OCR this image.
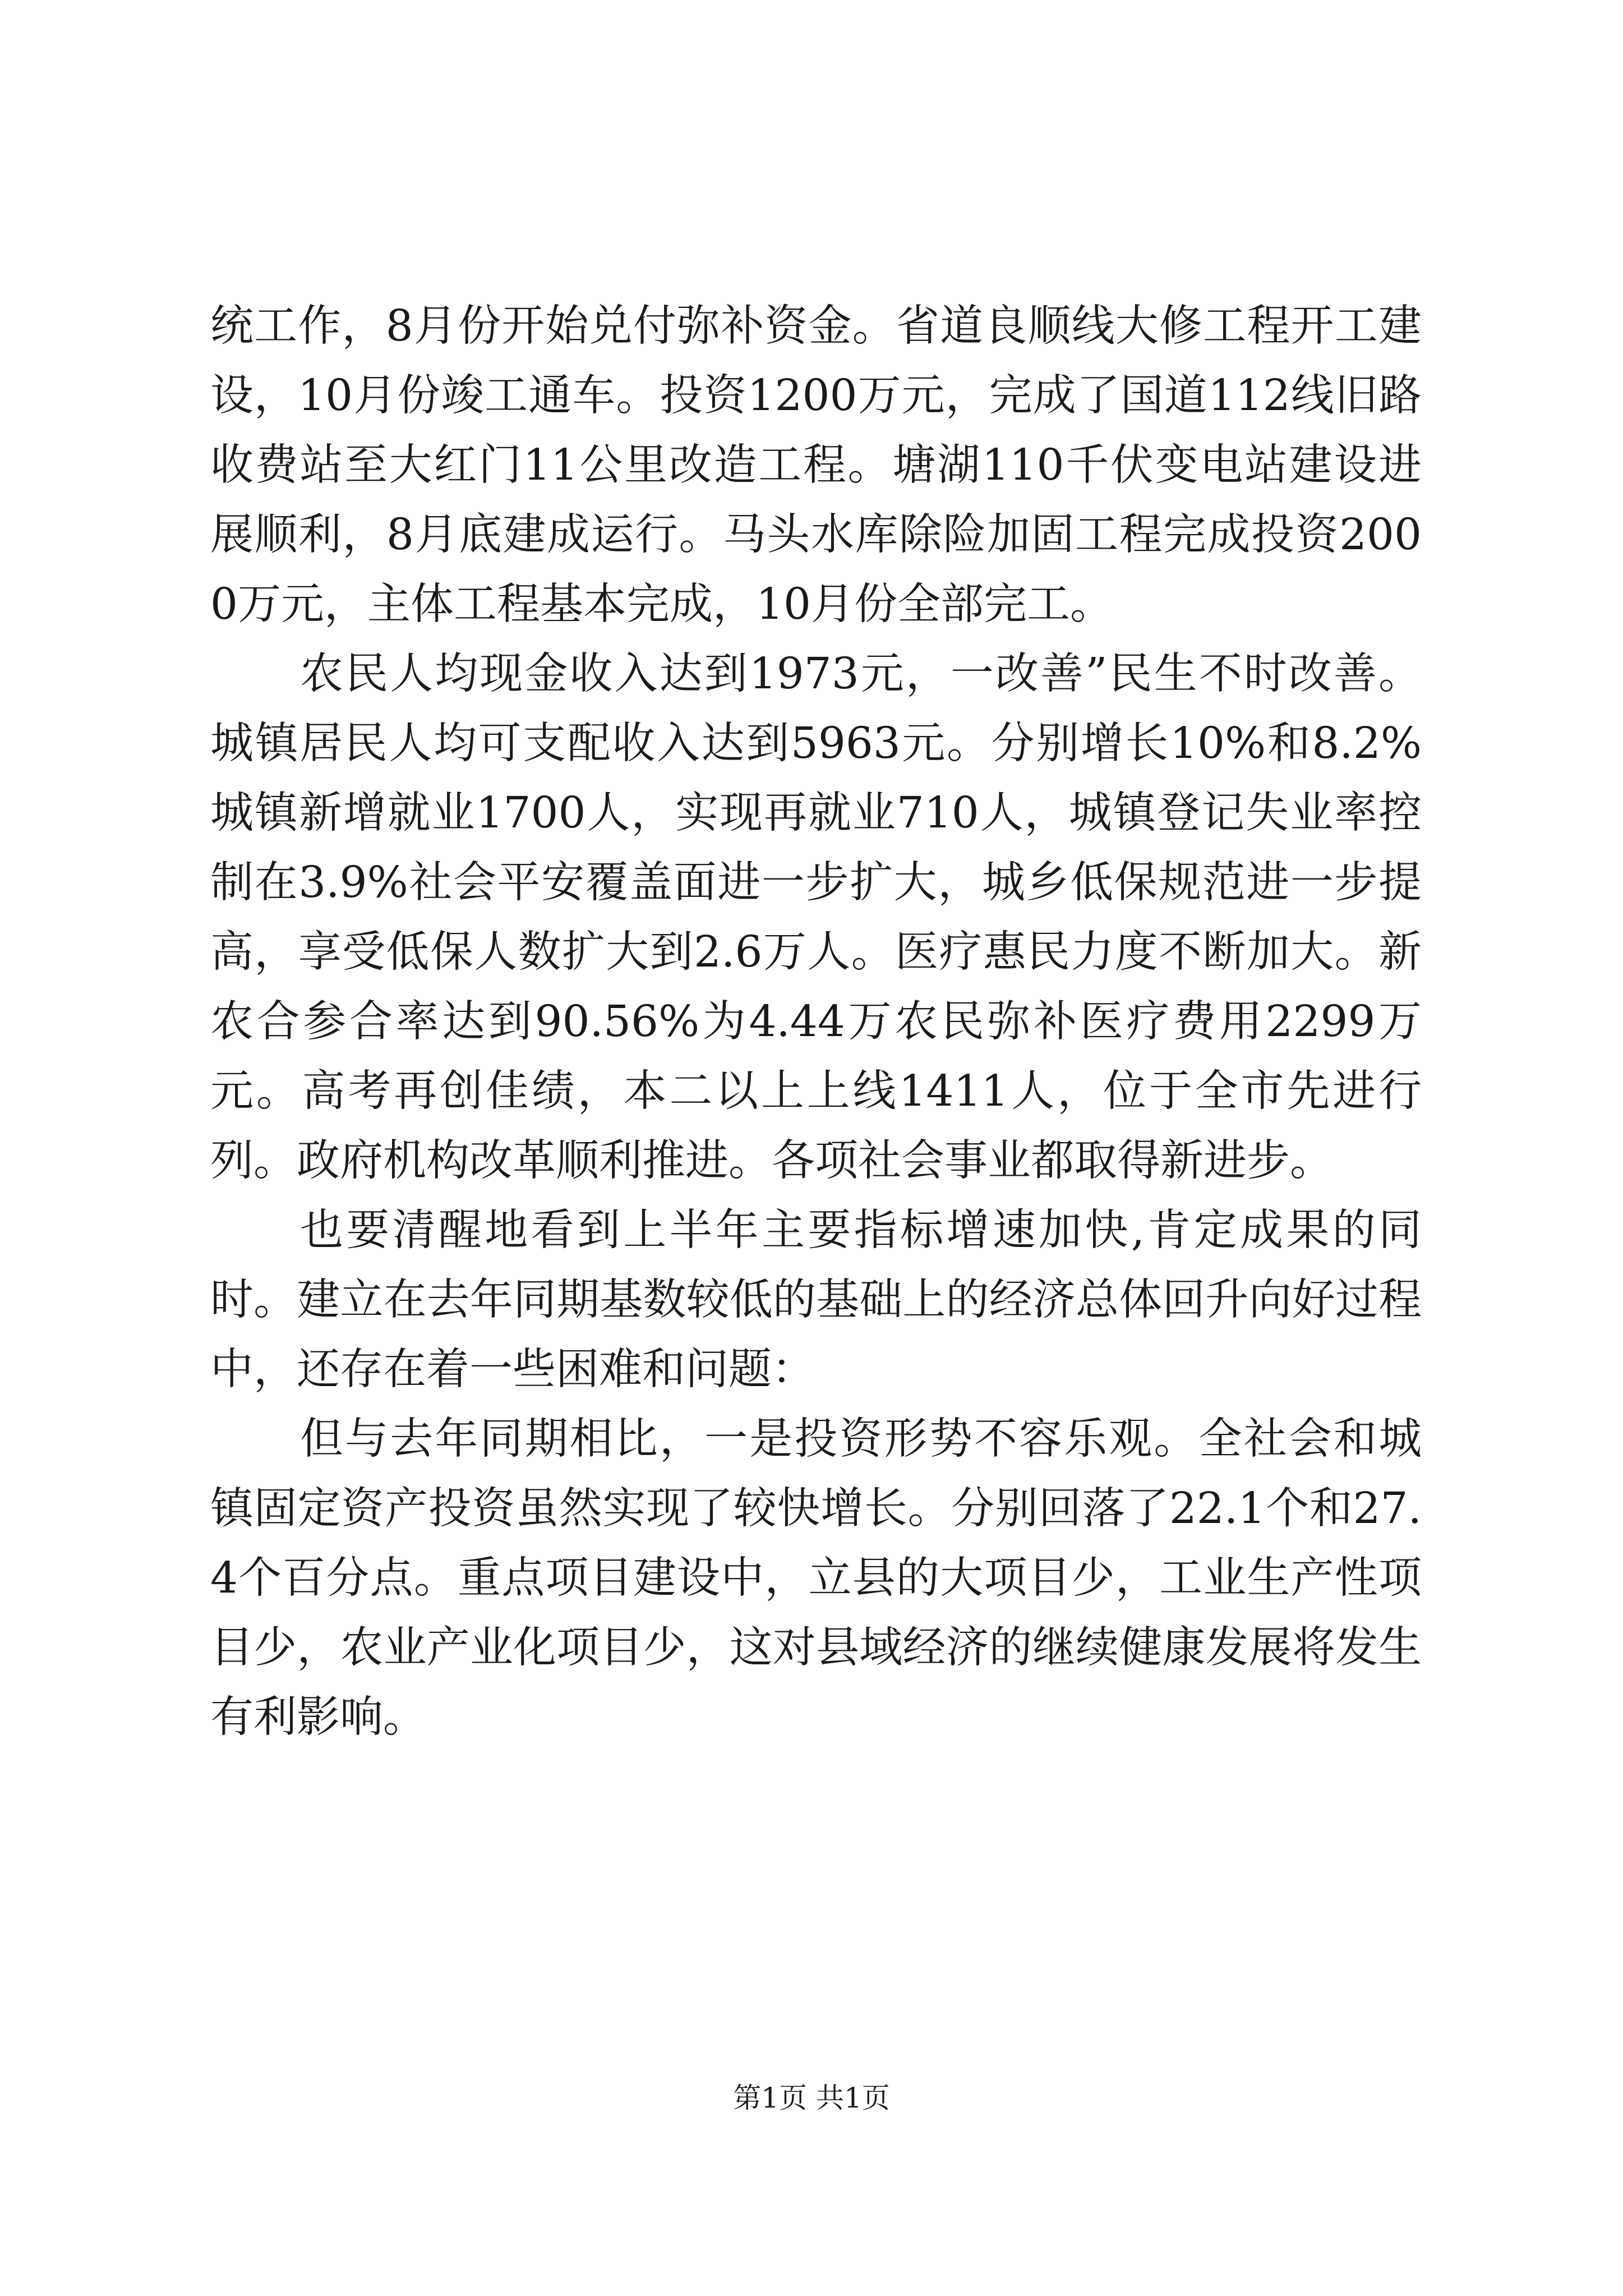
统工作，8月份开始兑付弥补资金。省道良顺线大修工程开工建设，10月份竣工通车。投资1200万元，完成了国道112线旧路收费站至大红门11公里改造工程。塘湖110千伏变电站建设进展顺利，8月底建成运行。马头水库除险加固工程完成投资2000万元，主体工程基本完成，10月份全部完工。

农民人均现金收入达到1973元，一改善”民生不时改善。城镇居民人均可支配收入达到5963元。分别增长10%和8.2%城镇新增就业1700人，实现再就业710人，城镇登记失业率控制在3.9%社会平安覆盖面进一步扩大，城乡低保规范进一步提高，享受低保人数扩大到2.6万人。医疗惠民力度不断加大。新农合参合率达到90.56%为4.44万农民弥补医疗费用2299万元。高考再创佳绩，本二以上上线1411人，位于全市先进行列。政府机构改革顺利推进。各项社会事业都取得新进步。

也要清醒地看到上半年主要指标增速加快,肯定成果的同时。建立在去年同期基数较低的基础上的经济总体回升向好过程中，还存在着一些困难和问题：

但与去年同期相比，一是投资形势不容乐观。全社会和城镇固定资产投资虽然实现了较快增长。分别回落了22.1个和27.4个百分点。重点项目建设中，立县的大项目少，工业生产性项目少，农业产业化项目少，这对县域经济的继续健康发展将发生有利影响。

第1页 共1页
